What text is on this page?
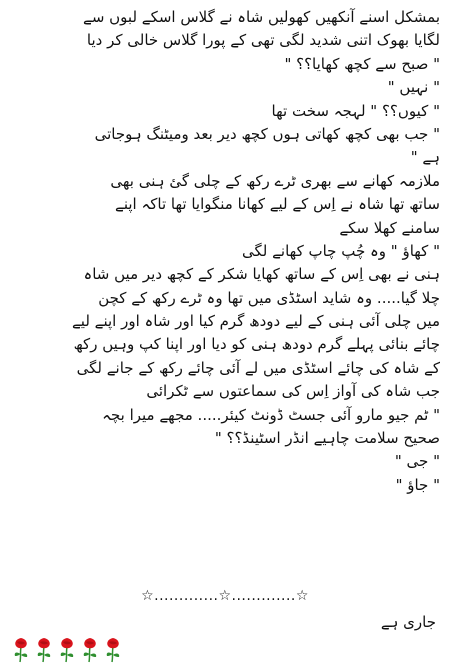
بمشکل اسنے آنکھیں کھولیں شاہ نے گلاس اسکے لبوں سے
لگایا بھوک اتنی شدید لگی تھی کے پورا گلاس خالی کر دیا
" صبح سے کچھ کھایا؟؟ "
" نہیں "
" کیوں؟؟ " لہجہ سخت تھا
" جب بھی کچھ کھاتی ہوں کچھ دیر بعد ومیٹنگ ہوجاتی
ہے "
ملازمہ کھانے سے بھری ٹرے رکھ کے چلی گئ ہنی بھی
ساتھ تھا شاہ نے اِس کے لیے کھانا منگوایا تھا تاکہ اپنے
سامنے کھلا سکے
" کھاؤ " وہ چُپ چاپ کھانے لگی
ہنی نے بھی اِس کے ساتھ کھایا شکر کے کچھ دیر میں شاہ
چلا گیا..... وہ شاید اسٹڈی میں تھا وہ ٹرے رکھ کے کچن
میں چلی آئی ہنی کے لیے دودھ گرم کیا اور شاہ اور اپنے لیے
چائے بنائی پہلے گرم دودھ ہنی کو دیا اور اپنا کپ وہیں رکھ
کے شاہ کی چائے اسٹڈی میں لے آئی چائے رکھ کے جانے لگی
جب شاہ کی آواز اِس کی سماعتوں سے ٹکرائی
" ٹم جیو مارو آئی جسٹ ڈونٹ کیئر..... مجھے میرا بچہ
صحیح سلامت چاہیے انڈر اسٹینڈ؟؟ "
" جی "
" جاؤ "
☆.............☆.............☆
جاری ہے
